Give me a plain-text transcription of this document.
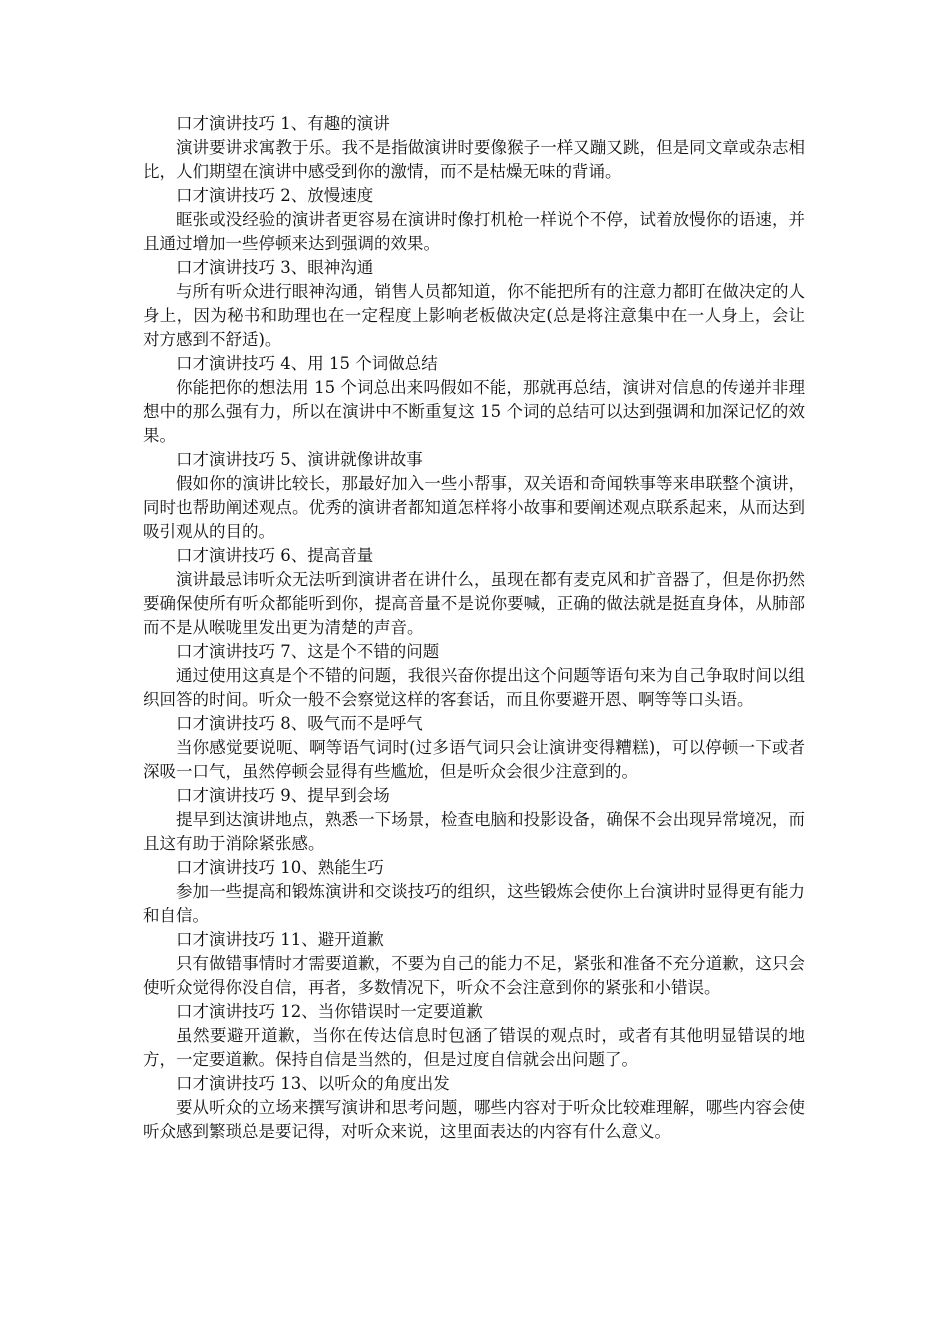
口才演讲技巧 1、有趣的演讲

演讲要讲求寓教于乐。我不是指做演讲时要像猴子一样又蹦又跳，但是同文章或杂志相比，人们期望在演讲中感受到你的激情，而不是枯燥无味的背诵。

口才演讲技巧 2、放慢速度

眶张或没经验的演讲者更容易在演讲时像打机枪一样说个不停，试着放慢你的语速，并且通过增加一些停顿来达到强调的效果。

口才演讲技巧 3、眼神沟通

与所有听众进行眼神沟通，销售人员都知道，你不能把所有的注意力都盯在做决定的人身上，因为秘书和助理也在一定程度上影响老板做决定(总是将注意集中在一人身上，会让对方感到不舒适)。

口才演讲技巧 4、用 15 个词做总结

你能把你的想法用 15 个词总出来吗假如不能，那就再总结，演讲对信息的传递并非理想中的那么强有力，所以在演讲中不断重复这 15 个词的总结可以达到强调和加深记忆的效果。

口才演讲技巧 5、演讲就像讲故事

假如你的演讲比较长，那最好加入一些小帮事，双关语和奇闻轶事等来串联整个演讲，同时也帮助阐述观点。优秀的演讲者都知道怎样将小故事和要阐述观点联系起来，从而达到吸引观从的目的。

口才演讲技巧 6、提高音量

演讲最忌讳听众无法听到演讲者在讲什么，虽现在都有麦克风和扩音器了，但是你扔然要确保使所有听众都能听到你，提高音量不是说你要喊，正确的做法就是挺直身体，从肺部而不是从喉咙里发出更为清楚的声音。

口才演讲技巧 7、这是个不错的问题

通过使用这真是个不错的问题，我很兴奋你提出这个问题等语句来为自己争取时间以组织回答的时间。听众一般不会察觉这样的客套话，而且你要避开恩、啊等等口头语。

口才演讲技巧 8、吸气而不是呼气

当你感觉要说呃、啊等语气词时(过多语气词只会让演讲变得糟糕)，可以停顿一下或者深吸一口气，虽然停顿会显得有些尴尬，但是听众会很少注意到的。

口才演讲技巧 9、提早到会场

提早到达演讲地点，熟悉一下场景，检查电脑和投影设备，确保不会出现异常境况，而且这有助于消除紧张感。

口才演讲技巧 10、熟能生巧

参加一些提高和锻炼演讲和交谈技巧的组织，这些锻炼会使你上台演讲时显得更有能力和自信。

口才演讲技巧 11、避开道歉

只有做错事情时才需要道歉，不要为自己的能力不足，紧张和准备不充分道歉，这只会使听众觉得你没自信，再者，多数情况下，听众不会注意到你的紧张和小错误。

口才演讲技巧 12、当你错误时一定要道歉

虽然要避开道歉，当你在传达信息时包涵了错误的观点时，或者有其他明显错误的地方，一定要道歉。保持自信是当然的，但是过度自信就会出问题了。

口才演讲技巧 13、以听众的角度出发

要从听众的立场来撰写演讲和思考问题，哪些内容对于听众比较难理解，哪些内容会使听众感到繁琐总是要记得，对听众来说，这里面表达的内容有什么意义。
